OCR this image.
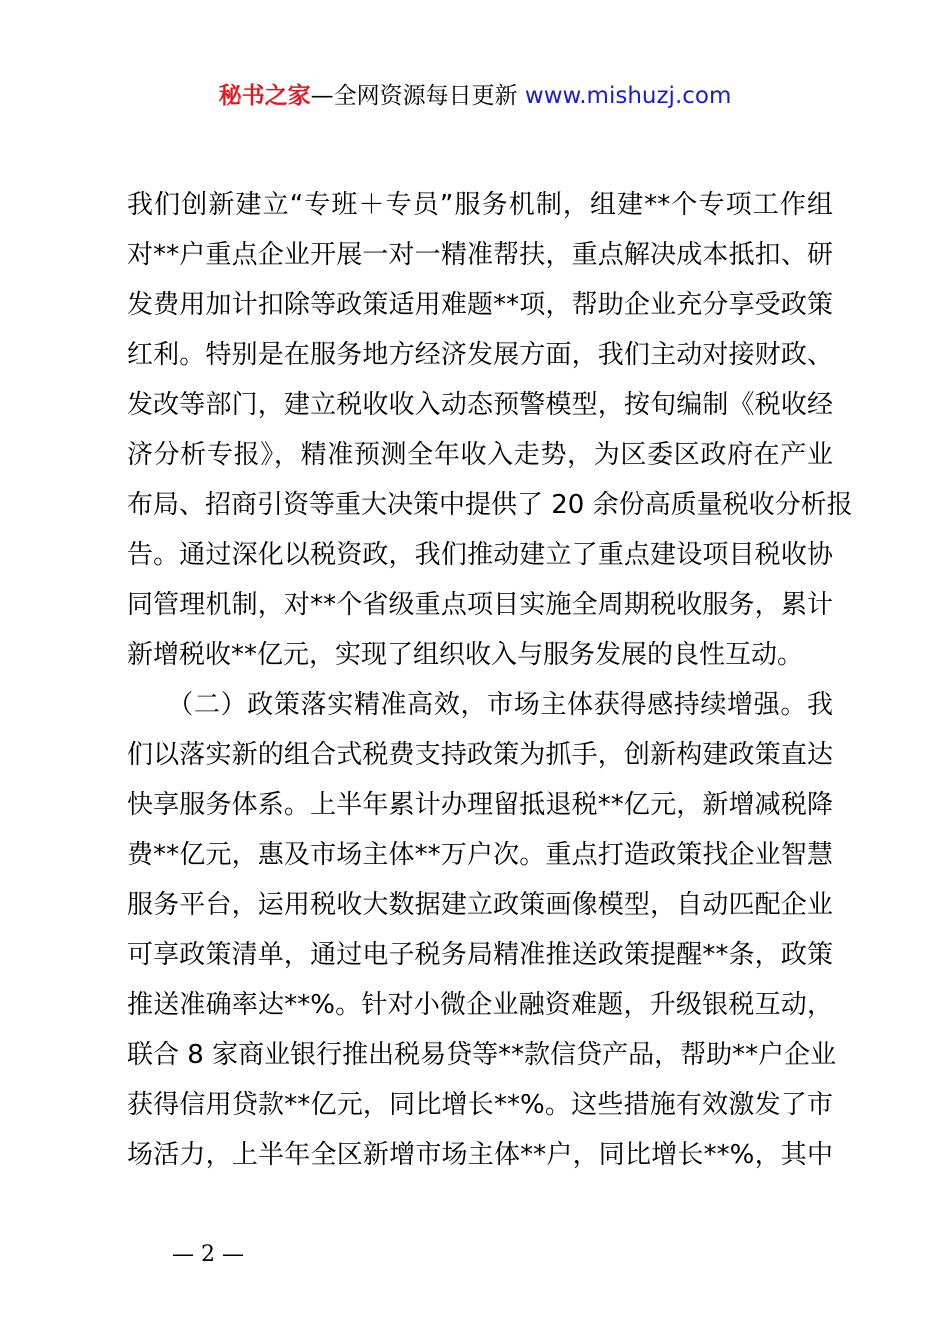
秘书之家—全网资源每日更新 www.mishuzj.com
我们创新建立“专班＋专员”服务机制，组建**个专项工作组
对**户重点企业开展一对一精准帮扶，重点解决成本抵扣、研
发费用加计扣除等政策适用难题**项，帮助企业充分享受政策
红利。特别是在服务地方经济发展方面，我们主动对接财政、
发改等部门，建立税收收入动态预警模型，按旬编制《税收经
济分析专报》，精准预测全年收入走势，为区委区政府在产业
布局、招商引资等重大决策中提供了 20 余份高质量税收分析报
告。通过深化以税资政，我们推动建立了重点建设项目税收协
同管理机制，对**个省级重点项目实施全周期税收服务，累计
新增税收**亿元，实现了组织收入与服务发展的良性互动。
　　（二）政策落实精准高效，市场主体获得感持续增强。我
们以落实新的组合式税费支持政策为抓手，创新构建政策直达
快享服务体系。上半年累计办理留抵退税**亿元，新增减税降
费**亿元，惠及市场主体**万户次。重点打造政策找企业智慧
服务平台，运用税收大数据建立政策画像模型，自动匹配企业
可享政策清单，通过电子税务局精准推送政策提醒**条，政策
推送准确率达**%。针对小微企业融资难题，升级银税互动，
联合 8 家商业银行推出税易贷等**款信贷产品，帮助**户企业
获得信用贷款**亿元，同比增长**%。这些措施有效激发了市
场活力，上半年全区新增市场主体**户，同比增长**%，其中
— 2 —
